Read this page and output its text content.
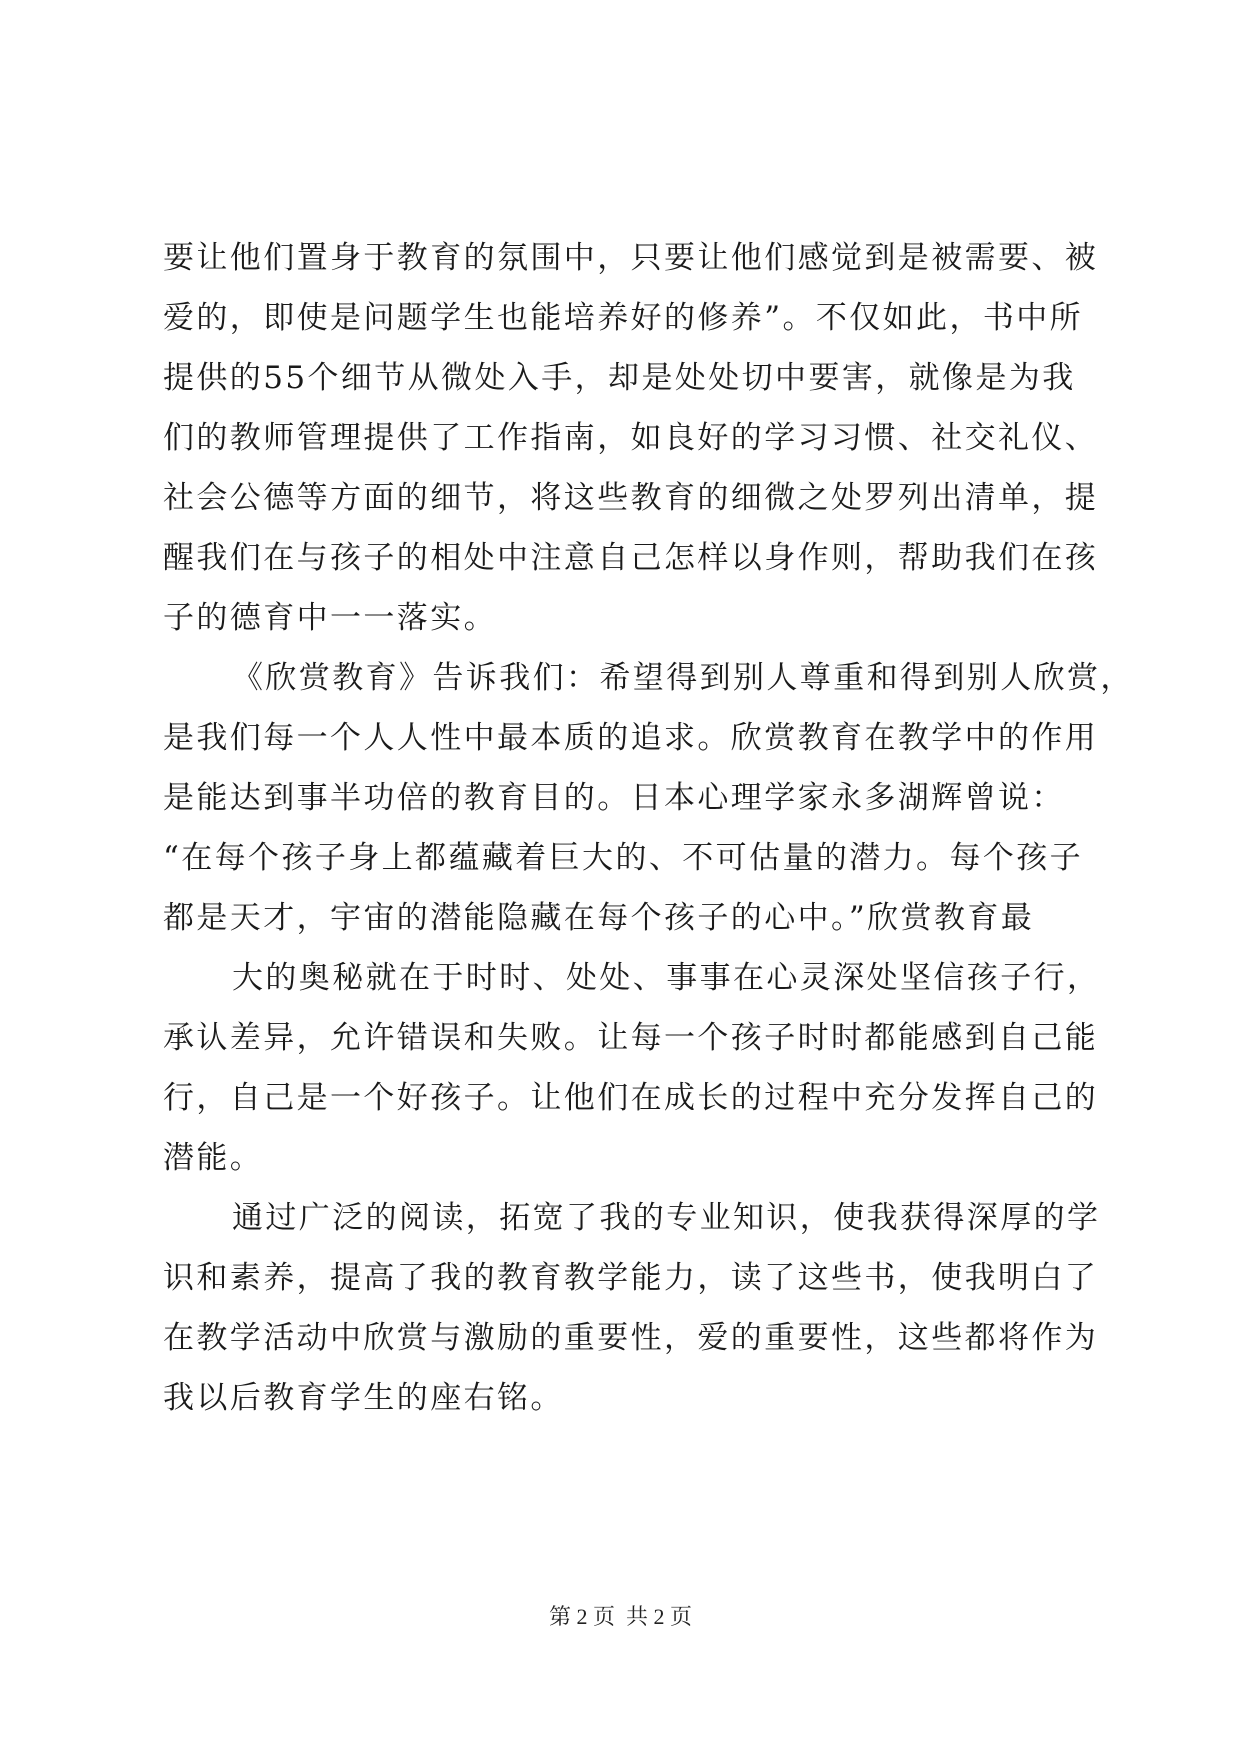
要让他们置身于教育的氛围中，只要让他们感觉到是被需要、被
爱的，即使是问题学生也能培养好的修养”。不仅如此，书中所
提供的55个细节从微处入手，却是处处切中要害，就像是为我
们的教师管理提供了工作指南，如良好的学习习惯、社交礼仪、
社会公德等方面的细节，将这些教育的细微之处罗列出清单，提
醒我们在与孩子的相处中注意自己怎样以身作则，帮助我们在孩
子的德育中一一落实。
《欣赏教育》告诉我们：希望得到别人尊重和得到别人欣赏，
是我们每一个人人性中最本质的追求。欣赏教育在教学中的作用
是能达到事半功倍的教育目的。日本心理学家永多湖辉曾说：
“在每个孩子身上都蕴藏着巨大的、不可估量的潜力。每个孩子
都是天才，宇宙的潜能隐藏在每个孩子的心中。”欣赏教育最
大的奥秘就在于时时、处处、事事在心灵深处坚信孩子行，
承认差异，允许错误和失败。让每一个孩子时时都能感到自己能
行，自己是一个好孩子。让他们在成长的过程中充分发挥自己的
潜能。
通过广泛的阅读，拓宽了我的专业知识，使我获得深厚的学
识和素养，提高了我的教育教学能力，读了这些书，使我明白了
在教学活动中欣赏与激励的重要性，爱的重要性，这些都将作为
我以后教育学生的座右铭。
第 2 页  共 2 页
